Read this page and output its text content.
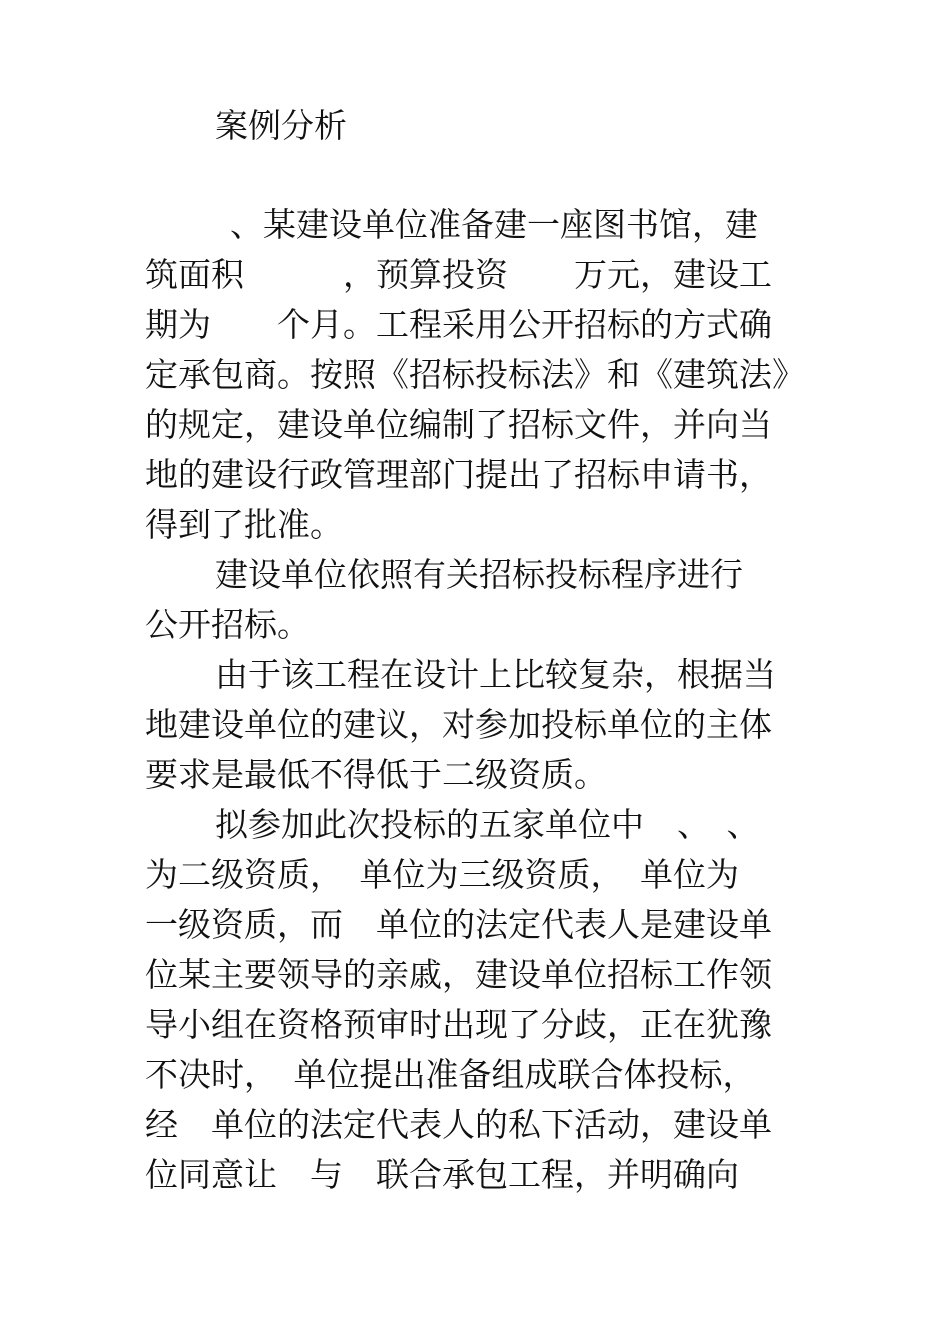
案例分析
、某建设单位准备建一座图书馆，建
筑面积　　　，预算投资　　万元，建设工
期为　　个月。工程采用公开招标的方式确
定承包商。按照《招标投标法》和《建筑法》
的规定，建设单位编制了招标文件，并向当
地的建设行政管理部门提出了招标申请书，
得到了批准。
建设单位依照有关招标投标程序进行
公开招标。
由于该工程在设计上比较复杂，根据当
地建设单位的建议，对参加投标单位的主体
要求是最低不得低于二级资质。
拟参加此次投标的五家单位中　、　、
为二级资质，　单位为三级资质，　单位为
一级资质，而　单位的法定代表人是建设单
位某主要领导的亲戚，建设单位招标工作领
导小组在资格预审时出现了分歧，正在犹豫
不决时，　单位提出准备组成联合体投标，
经　单位的法定代表人的私下活动，建设单
位同意让　与　联合承包工程，并明确向
